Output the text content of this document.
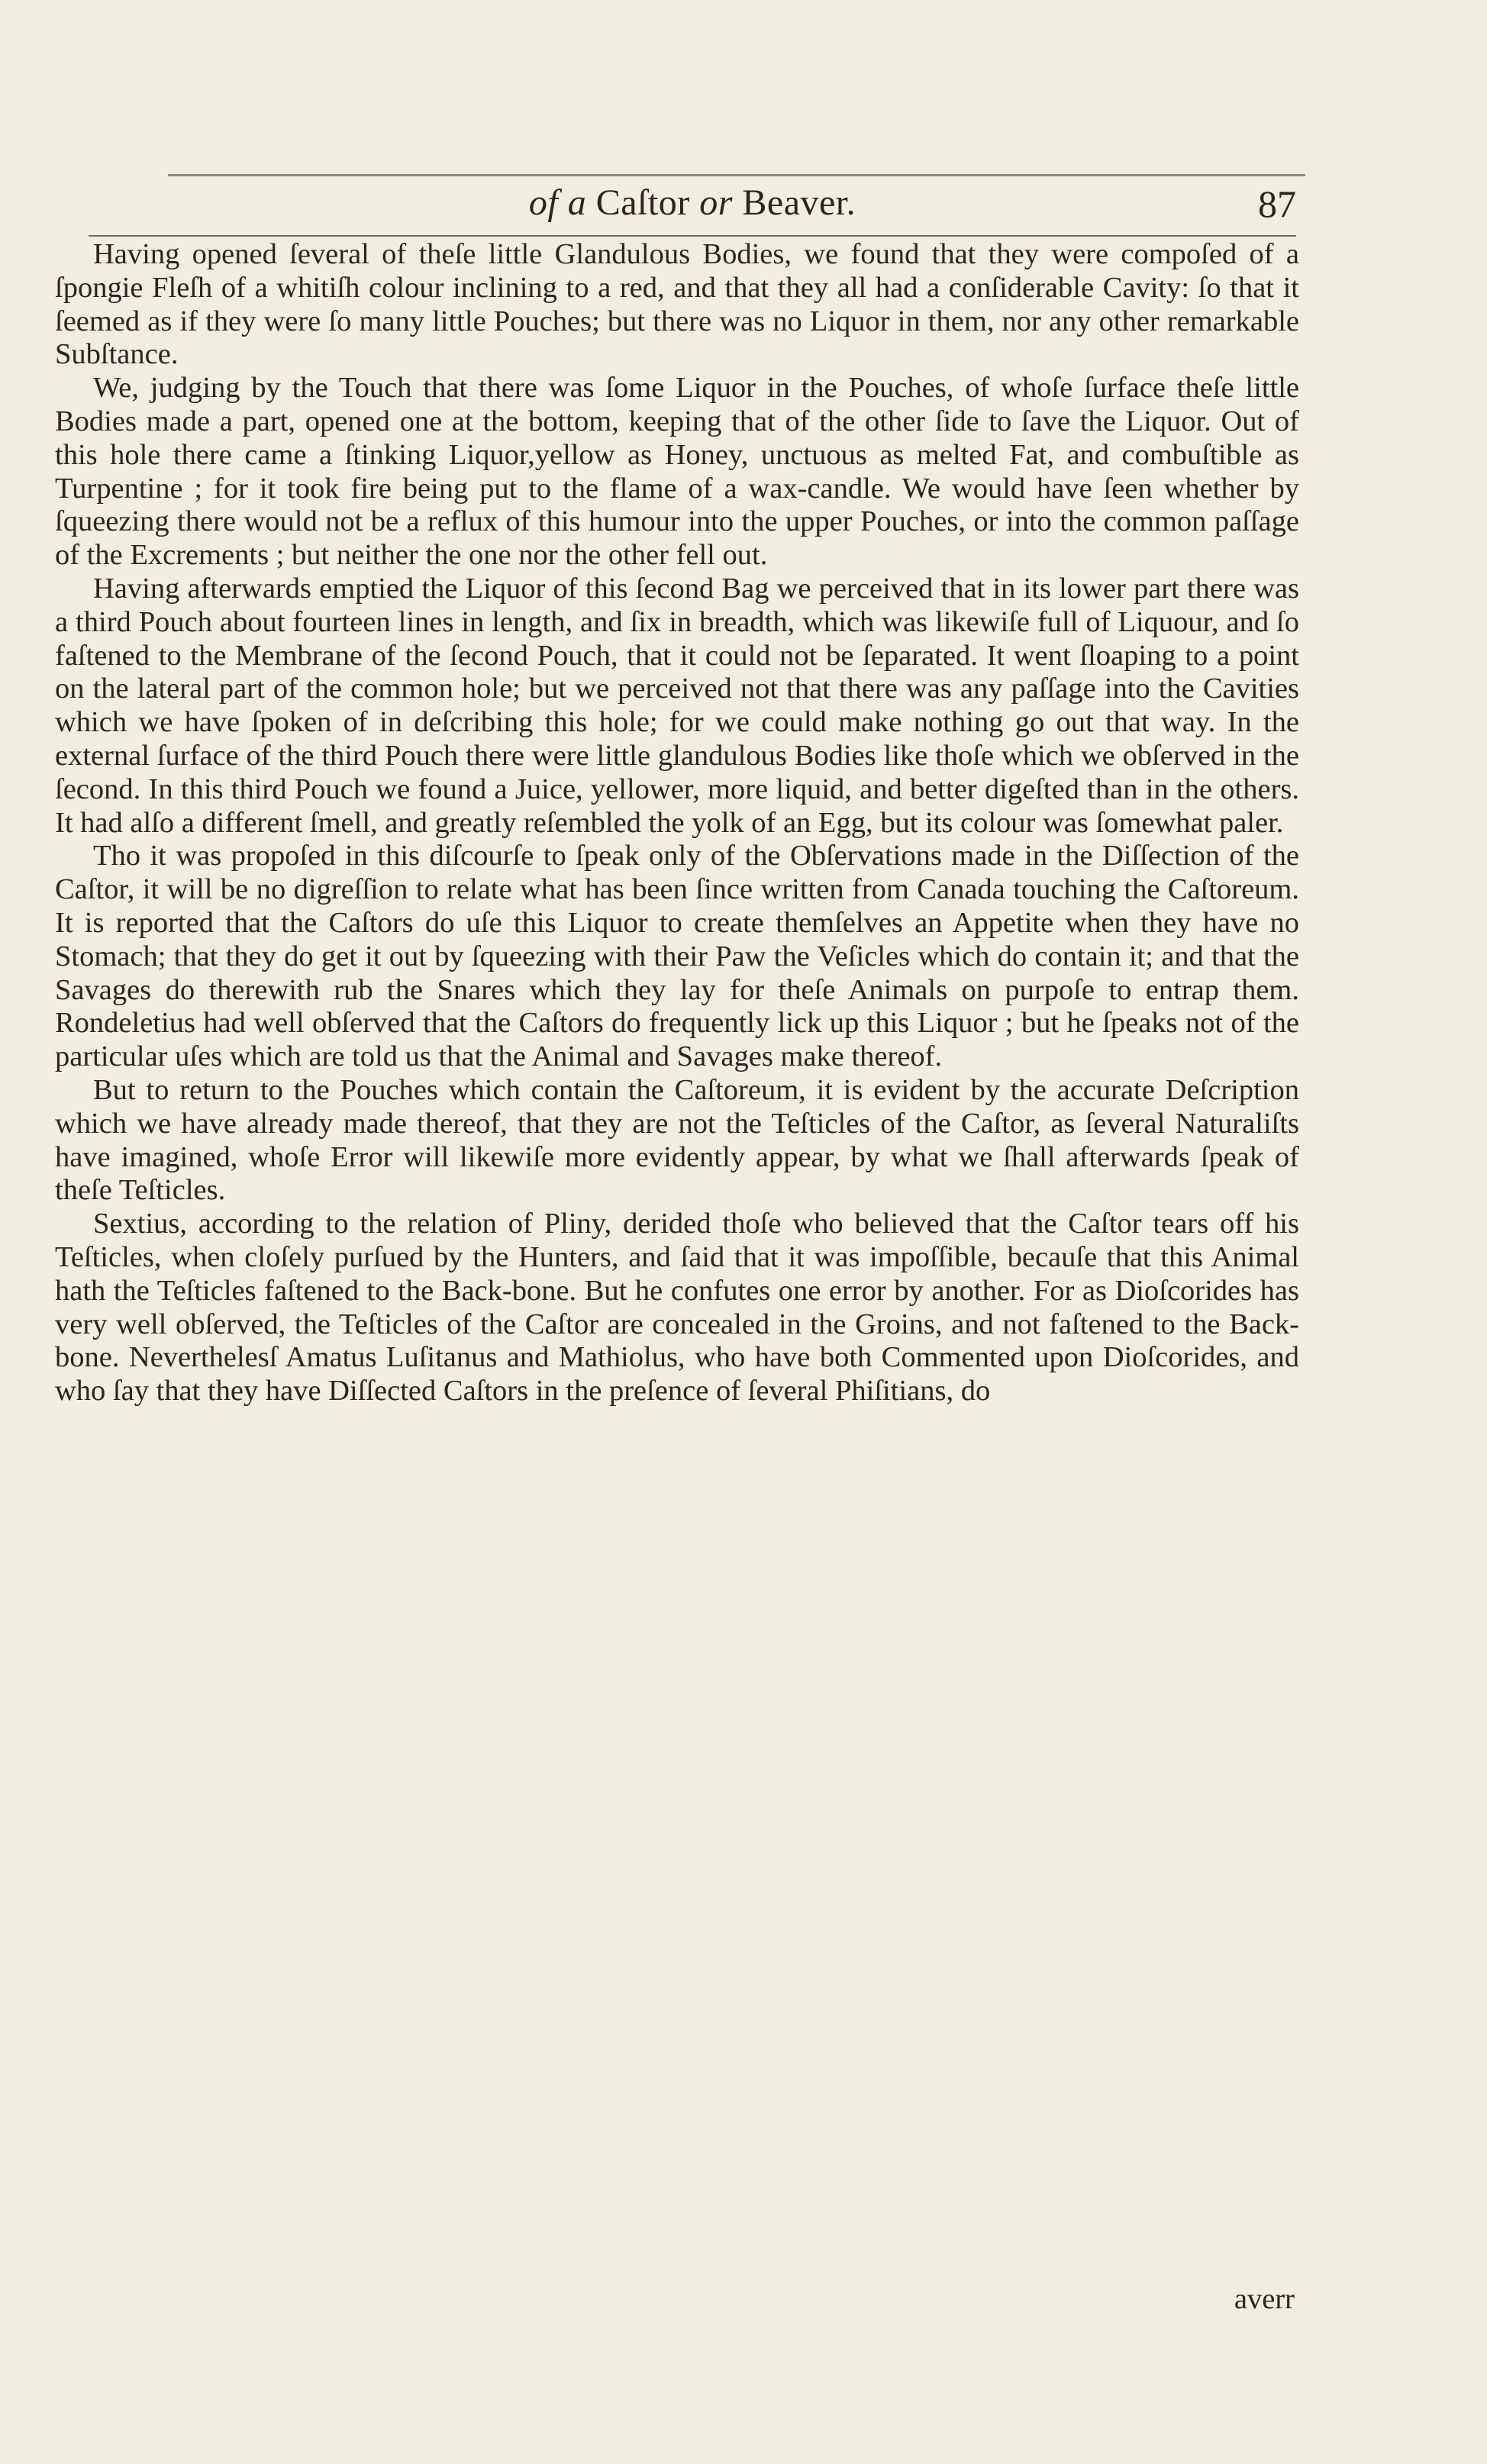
of a Caſtor or Beaver.	87

Having opened ſeveral of theſe little Glandulous Bodies, we found that they were compoſed of a ſpongie Fleſh of a whitiſh colour inclining to a red, and that they all had a conſiderable Cavity: ſo that it ſeemed as if they were ſo many little Pouches; but there was no Liquor in them, nor any other remarkable Subſtance.

We, judging by the Touch that there was ſome Liquor in the Pouches, of whoſe ſurface theſe little Bodies made a part, opened one at the bottom, keeping that of the other ſide to ſave the Liquor. Out of this hole there came a ſtinking Liquor,yellow as Honey, unctuous as melted Fat, and combuſtible as Turpentine ; for it took fire being put to the flame of a wax-candle. We would have ſeen whether by ſqueezing there would not be a reflux of this humour into the upper Pouches, or into the common paſſage of the Excrements ; but neither the one nor the other fell out.

Having afterwards emptied the Liquor of this ſecond Bag we perceived that in its lower part there was a third Pouch about fourteen lines in length, and ſix in breadth, which was likewiſe full of Liquour, and ſo faſtened to the Membrane of the ſecond Pouch, that it could not be ſeparated. It went ſloaping to a point on the lateral part of the common hole; but we perceived not that there was any paſſage into the Cavities which we have ſpoken of in deſcribing this hole; for we could make nothing go out that way. In the external ſurface of the third Pouch there were little glandulous Bodies like thoſe which we obſerved in the ſecond. In this third Pouch we found a Juice, yellower, more liquid, and better digeſted than in the others. It had alſo a different ſmell, and greatly reſembled the yolk of an Egg, but its colour was ſomewhat paler.

Tho it was propoſed in this diſcourſe to ſpeak only of the Obſervations made in the Diſſection of the Caſtor, it will be no digreſſion to relate what has been ſince written from Canada touching the Caſtoreum. It is reported that the Caſtors do uſe this Liquor to create themſelves an Appetite when they have no Stomach; that they do get it out by ſqueezing with their Paw the Veſicles which do contain it; and that the Savages do therewith rub the Snares which they lay for theſe Animals on purpoſe to entrap them. Rondeletius had well obſerved that the Caſtors do frequently lick up this Liquor ; but he ſpeaks not of the particular uſes which are told us that the Animal and Savages make thereof.

But to return to the Pouches which contain the Caſtoreum, it is evident by the accurate Deſcription which we have already made thereof, that they are not the Teſticles of the Caſtor, as ſeveral Naturaliſts have imagined, whoſe Error will likewiſe more evidently appear, by what we ſhall afterwards ſpeak of theſe Teſticles.

Sextius, according to the relation of Pliny, derided thoſe who believed that the Caſtor tears off his Teſticles, when cloſely purſued by the Hunters, and ſaid that it was impoſſible, becauſe that this Animal hath the Teſticles faſtened to the Back-bone. But he confutes one error by another. For as Dioſcorides has very well obſerved, the Teſticles of the Caſtor are concealed in the Groins, and not faſtened to the Back-bone. Neverthelesſ Amatus Luſitanus and Mathiolus, who have both Commented upon Dioſcorides, and who ſay that they have Diſſected Caſtors in the preſence of ſeveral Phiſitians, do

averr
